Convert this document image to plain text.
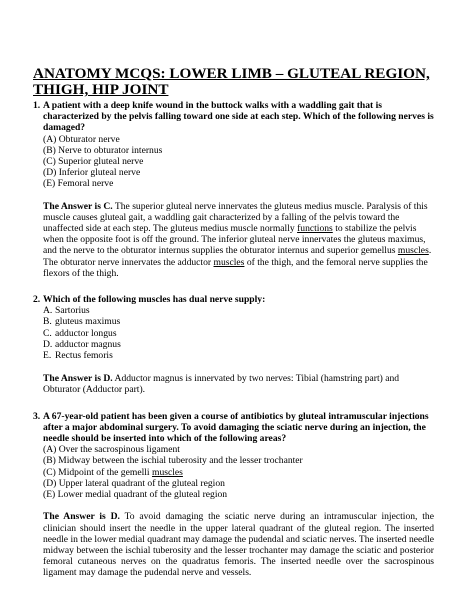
ANATOMY MCQS: LOWER LIMB – GLUTEAL REGION, THIGH, HIP JOINT
1. A patient with a deep knife wound in the buttock walks with a waddling gait that is characterized by the pelvis falling toward one side at each step. Which of the following nerves is damaged?

(A) Obturator nerve
(B) Nerve to obturator internus
(C) Superior gluteal nerve
(D) Inferior gluteal nerve
(E) Femoral nerve

The Answer is C. The superior gluteal nerve innervates the gluteus medius muscle. Paralysis of this muscle causes gluteal gait, a waddling gait characterized by a falling of the pelvis toward the unaffected side at each step. The gluteus medius muscle normally functions to stabilize the pelvis when the opposite foot is off the ground. The inferior gluteal nerve innervates the gluteus maximus, and the nerve to the obturator internus supplies the obturator internus and superior gemellus muscles. The obturator nerve innervates the adductor muscles of the thigh, and the femoral nerve supplies the flexors of the thigh.

2. Which of the following muscles has dual nerve supply:

A. Sartorius
B. gluteus maximus
C. adductor longus
D. adductor magnus
E. Rectus femoris

The Answer is D. Adductor magnus is innervated by two nerves: Tibial (hamstring part) and Obturator (Adductor part).

3. A 67-year-old patient has been given a course of antibiotics by gluteal intramuscular injections after a major abdominal surgery. To avoid damaging the sciatic nerve during an injection, the needle should be inserted into which of the following areas?

(A) Over the sacrospinous ligament
(B) Midway between the ischial tuberosity and the lesser trochanter
(C) Midpoint of the gemelli muscles
(D) Upper lateral quadrant of the gluteal region
(E) Lower medial quadrant of the gluteal region

The Answer is D. To avoid damaging the sciatic nerve during an intramuscular injection, the clinician should insert the needle in the upper lateral quadrant of the gluteal region. The inserted needle in the lower medial quadrant may damage the pudendal and sciatic nerves. The inserted needle midway between the ischial tuberosity and the lesser trochanter may damage the sciatic and posterior femoral cutaneous nerves on the quadratus femoris. The inserted needle over the sacrospinous ligament may damage the pudendal nerve and vessels.
